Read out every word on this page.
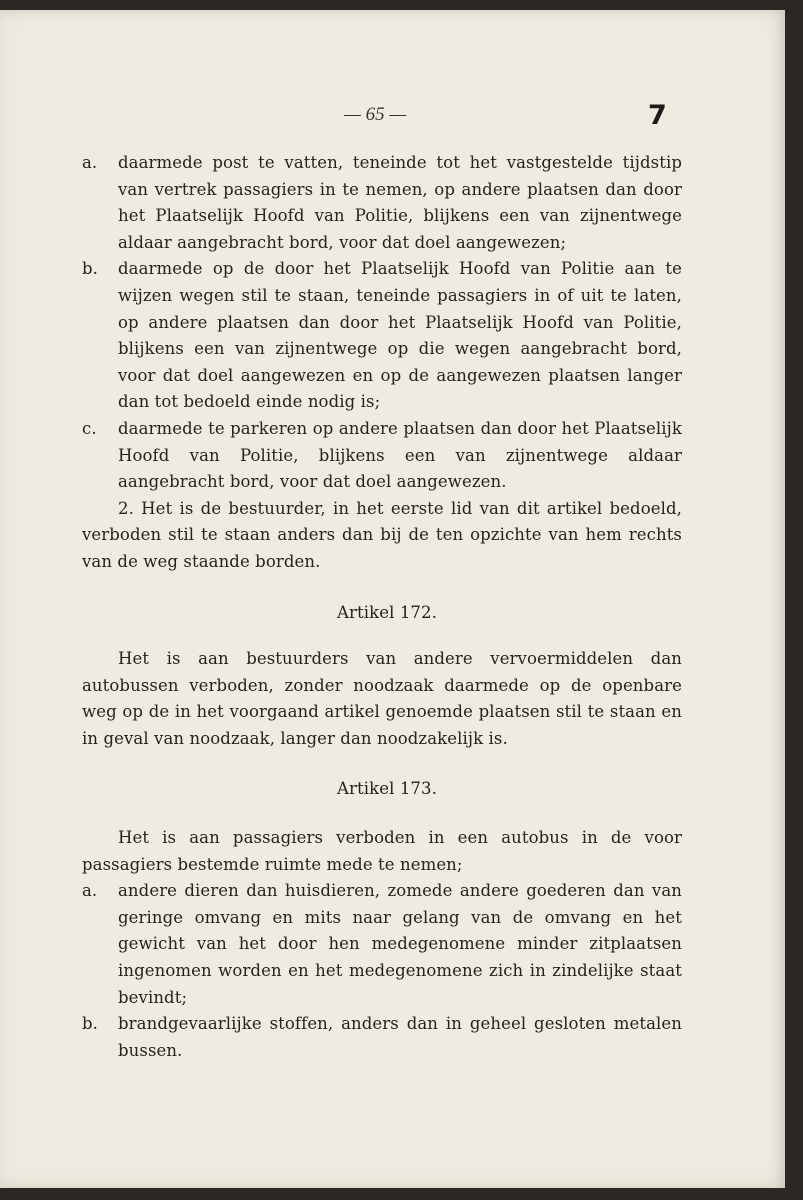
— 65 —	7
a. daarmede post te vatten, teneinde tot het vastgestelde tijdstip van vertrek passagiers in te nemen, op andere plaatsen dan door het Plaatselijk Hoofd van Politie, blijkens een van zijnentwege aldaar aangebracht bord, voor dat doel aangewezen;
b. daarmede op de door het Plaatselijk Hoofd van Politie aan te wijzen wegen stil te staan, teneinde passagiers in of uit te laten, op andere plaatsen dan door het Plaatselijk Hoofd van Politie, blijkens een van zijnentwege op die wegen aangebracht bord, voor dat doel aangewezen en op de aangewezen plaatsen langer dan tot bedoeld einde nodig is;
c. daarmede te parkeren op andere plaatsen dan door het Plaatselijk Hoofd van Politie, blijkens een van zijnentwege aldaar aangebracht bord, voor dat doel aangewezen.

2. Het is de bestuurder, in het eerste lid van dit artikel bedoeld, verboden stil te staan anders dan bij de ten opzichte van hem rechts van de weg staande borden.

Artikel 172.

Het is aan bestuurders van andere vervoermiddelen dan autobussen verboden, zonder noodzaak daarmede op de openbare weg op de in het voorgaand artikel genoemde plaatsen stil te staan en in geval van noodzaak, langer dan noodzakelijk is.

Artikel 173.

Het is aan passagiers verboden in een autobus in de voor passagiers bestemde ruimte mede te nemen;

a. andere dieren dan huisdieren, zomede andere goederen dan van geringe omvang en mits naar gelang van de omvang en het gewicht van het door hen medegenomene minder zitplaatsen ingenomen worden en het medegenomene zich in zindelijke staat bevindt;
b. brandgevaarlijke stoffen, anders dan in geheel gesloten metalen bussen.
